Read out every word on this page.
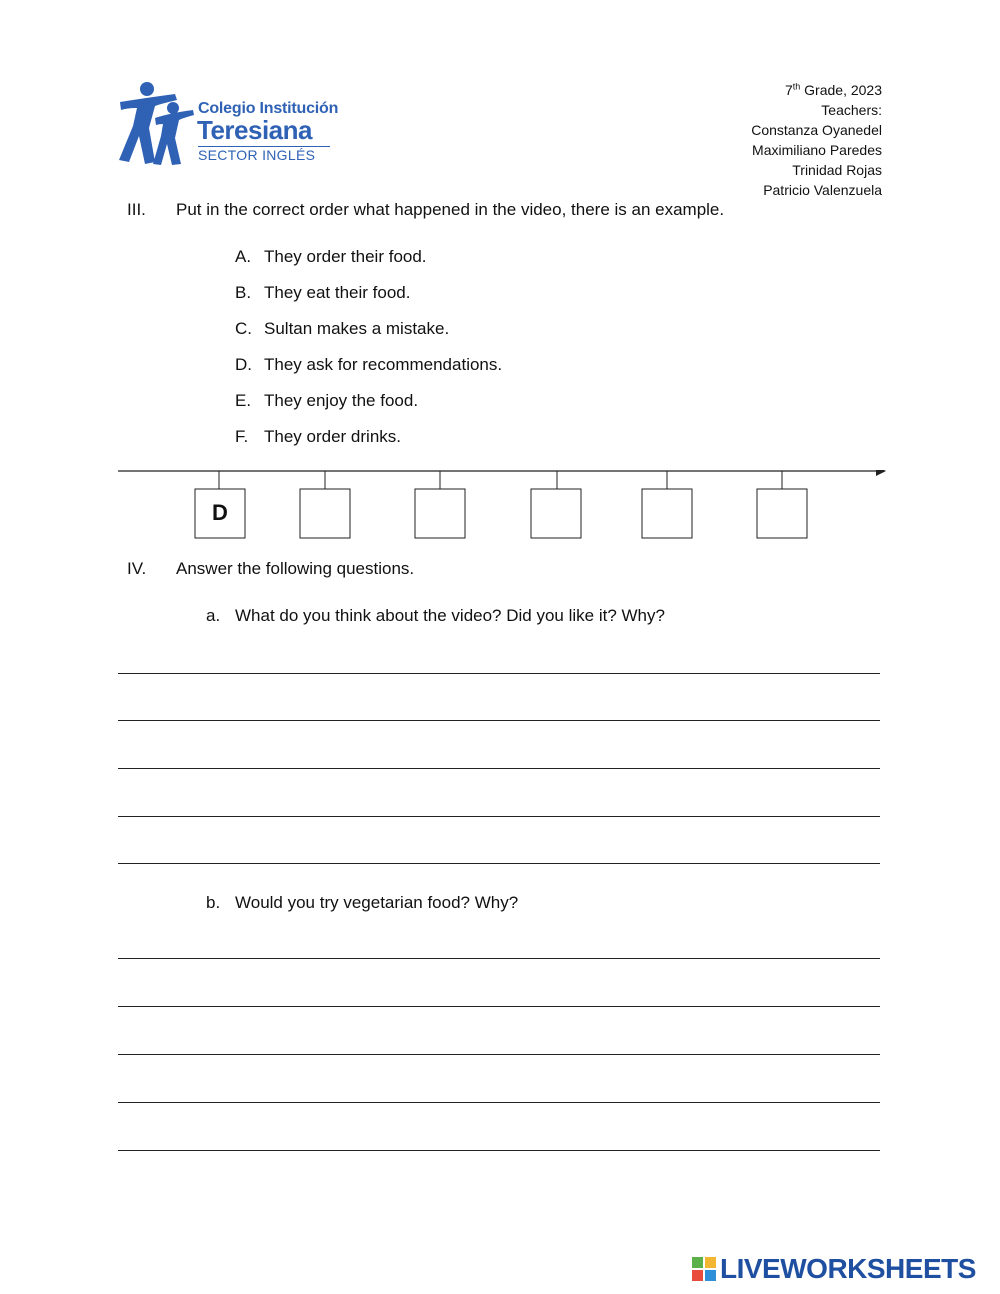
Colegio Institución
Teresiana
SECTOR INGLÉS
7th Grade, 2023
Teachers:
Constanza Oyanedel
Maximiliano Paredes
Trinidad Rojas
Patricio Valenzuela
III. Put in the correct order what happened in the video, there is an example.
A. They order their food.
B. They eat their food.
C. Sultan makes a mistake.
D. They ask for recommendations.
E. They enjoy the food.
F. They order drinks.
D
IV. Answer the following questions.
a. What do you think about the video? Did you like it? Why?
b. Would you try vegetarian food? Why?
LIVEWORKSHEETS
